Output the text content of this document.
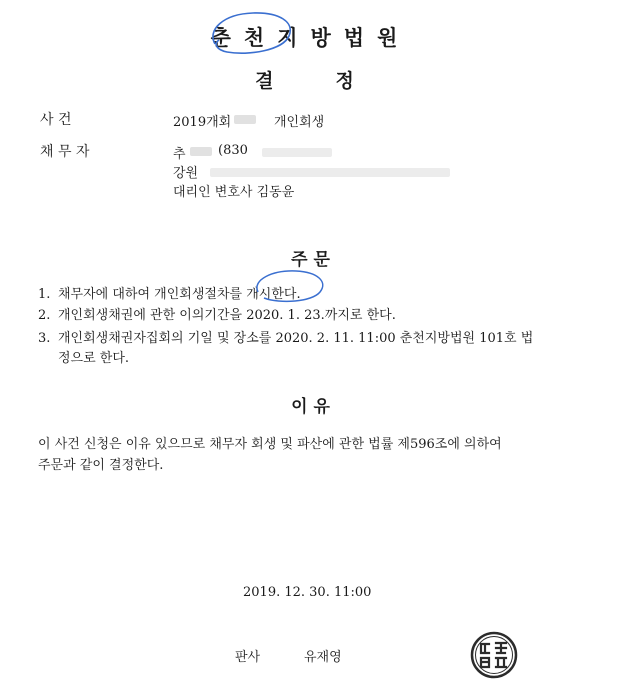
춘천지방법원
결정
사 건	2019개회	개인회생
채 무 자	추 (830
강원
대리인 변호사 김동윤
주 문
1. 채무자에 대하여 개인회생절차를 개시한다.
2. 개인회생채권에 관한 이의기간을 2020. 1. 23.까지로 한다.
3. 개인회생채권자집회의 기일 및 장소를 2020. 2. 11. 11:00 춘천지방법원 101호 법
정으로 한다.
이 유
이 사건 신청은 이유 있으므로 채무자 회생 및 파산에 관한 법률 제596조에 의하여
주문과 같이 결정한다.
2019. 12. 30. 11:00
판사	유재영
